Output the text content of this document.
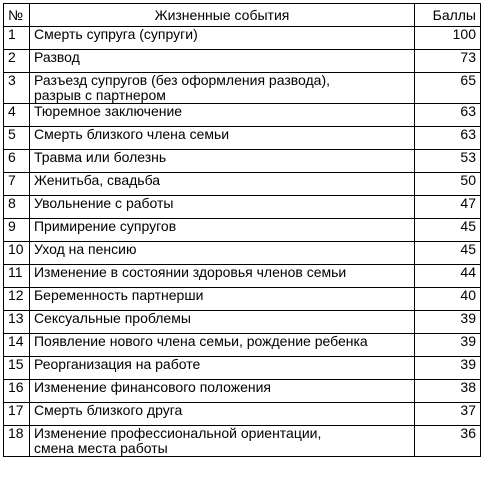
№	Жизненные события	Баллы
1	Смерть супруга (супруги)	100
2	Развод	73
3	Разъезд супругов (без оформления развода),
разрыв с партнером	65
4	Тюремное заключение	63
5	Смерть близкого члена семьи	63
6	Травма или болезнь	53
7	Женитьба, свадьба	50
8	Увольнение с работы	47
9	Примирение супругов	45
10	Уход на пенсию	45
11	Изменение в состоянии здоровья членов семьи	44
12	Беременность партнерши	40
13	Сексуальные проблемы	39
14	Появление нового члена семьи, рождение ребенка	39
15	Реорганизация на работе	39
16	Изменение финансового положения	38
17	Смерть близкого друга	37
18	Изменение профессиональной ориентации,
смена места работы	36
